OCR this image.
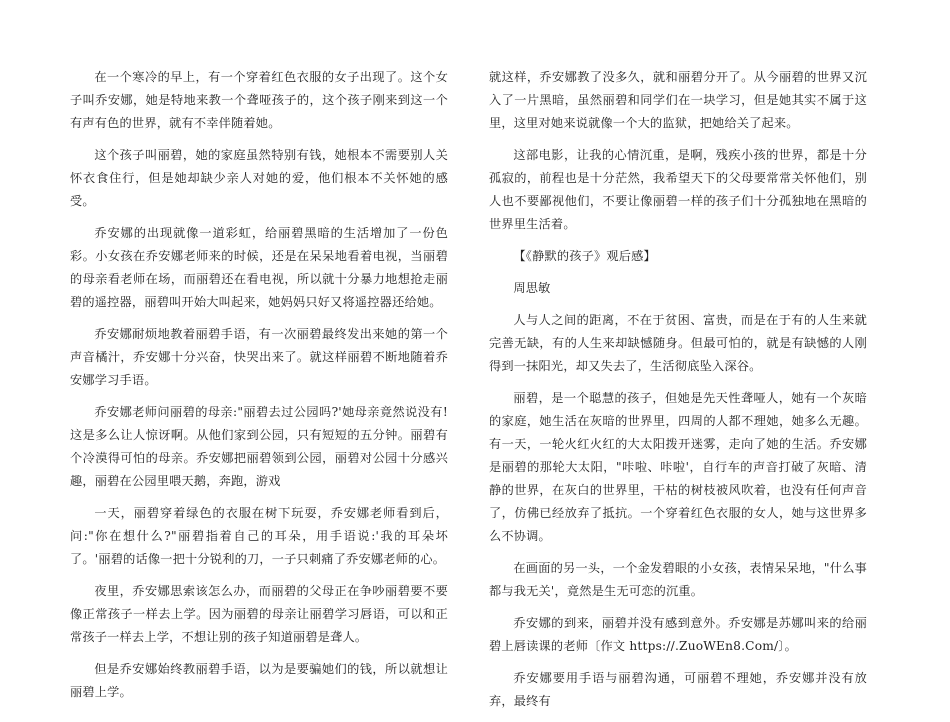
在一个寒冷的早上，有一个穿着红色衣服的女子出现了。这个女子叫乔安娜，她是特地来教一个聋哑孩子的，这个孩子刚来到这一个有声有色的世界，就有不幸伴随着她。

这个孩子叫丽碧，她的家庭虽然特别有钱，她根本不需要别人关怀衣食住行，但是她却缺少亲人对她的爱，他们根本不关怀她的感受。

乔安娜的出现就像一道彩虹，给丽碧黑暗的生活增加了一份色彩。小女孩在乔安娜老师来的时候，还是在呆呆地看着电视，当丽碧的母亲看老师在场，而丽碧还在看电视，所以就十分暴力地想抢走丽碧的遥控器，丽碧叫开始大叫起来，她妈妈只好又将遥控器还给她。

乔安娜耐烦地教着丽碧手语，有一次丽碧最终发出来她的第一个声音橘汁，乔安娜十分兴奋，快哭出来了。就这样丽碧不断地随着乔安娜学习手语。

乔安娜老师问丽碧的母亲:"丽碧去过公园吗?'她母亲竟然说没有! 这是多么让人惊讶啊。从他们家到公园，只有短短的五分钟。丽碧有个冷漠得可怕的母亲。乔安娜把丽碧领到公园，丽碧对公园十分感兴趣，丽碧在公园里喂天鹅，奔跑，游戏

一天，丽碧穿着绿色的衣服在树下玩耍，乔安娜老师看到后，问:"你在想什么?"丽碧指着自己的耳朵，用手语说:'我的耳朵坏了。'丽碧的话像一把十分锐利的刀，一子只刺痛了乔安娜老师的心。

夜里，乔安娜思索该怎么办，而丽碧的父母正在争吵丽碧要不要像正常孩子一样去上学。因为丽碧的母亲让丽碧学习唇语，可以和正常孩子一样去上学，不想让别的孩子知道丽碧是聋人。

但是乔安娜始终教丽碧手语，以为是要骗她们的钱，所以就想让丽碧上学。

就这样，乔安娜教了没多久，就和丽碧分开了。从今丽碧的世界又沉入了一片黑暗，虽然丽碧和同学们在一块学习，但是她其实不属于这里，这里对她来说就像一个大的监狱，把她给关了起来。

这部电影，让我的心情沉重，是啊，残疾小孩的世界，都是十分孤寂的，前程也是十分茫然，我希望天下的父母要常常关怀他们，别人也不要鄙视他们，不要让像丽碧一样的孩子们十分孤独地在黑暗的世界里生活着。

【《静默的孩子》观后感】

周思敏

人与人之间的距离，不在于贫困、富贵，而是在于有的人生来就完善无缺，有的人生来却缺憾随身。但最可怕的，就是有缺憾的人刚得到一抹阳光，却又失去了，生活彻底坠入深谷。

丽碧，是一个聪慧的孩子，但她是先天性聋哑人，她有一个灰暗的家庭，她生活在灰暗的世界里，四周的人都不理她，她多么无趣。有一天，一轮火红火红的大太阳拨开迷雾，走向了她的生活。乔安娜是丽碧的那轮大太阳，"咔啦、咔啦'，自行车的声音打破了灰暗、清静的世界，在灰白的世界里，干枯的树枝被风吹着，也没有任何声音了，仿佛已经放弃了抵抗。一个穿着红色衣服的女人，她与这世界多么不协调。

在画面的另一头，一个金发碧眼的小女孩，表情呆呆地，"什么事都与我无关'，竟然是生无可恋的沉重。

乔安娜的到来，丽碧并没有感到意外。乔安娜是苏娜叫来的给丽碧上唇读课的老师〔作文 https://.ZuoWEn8.Com/〕。

乔安娜要用手语与丽碧沟通，可丽碧不理她，乔安娜并没有放弃，最终有
